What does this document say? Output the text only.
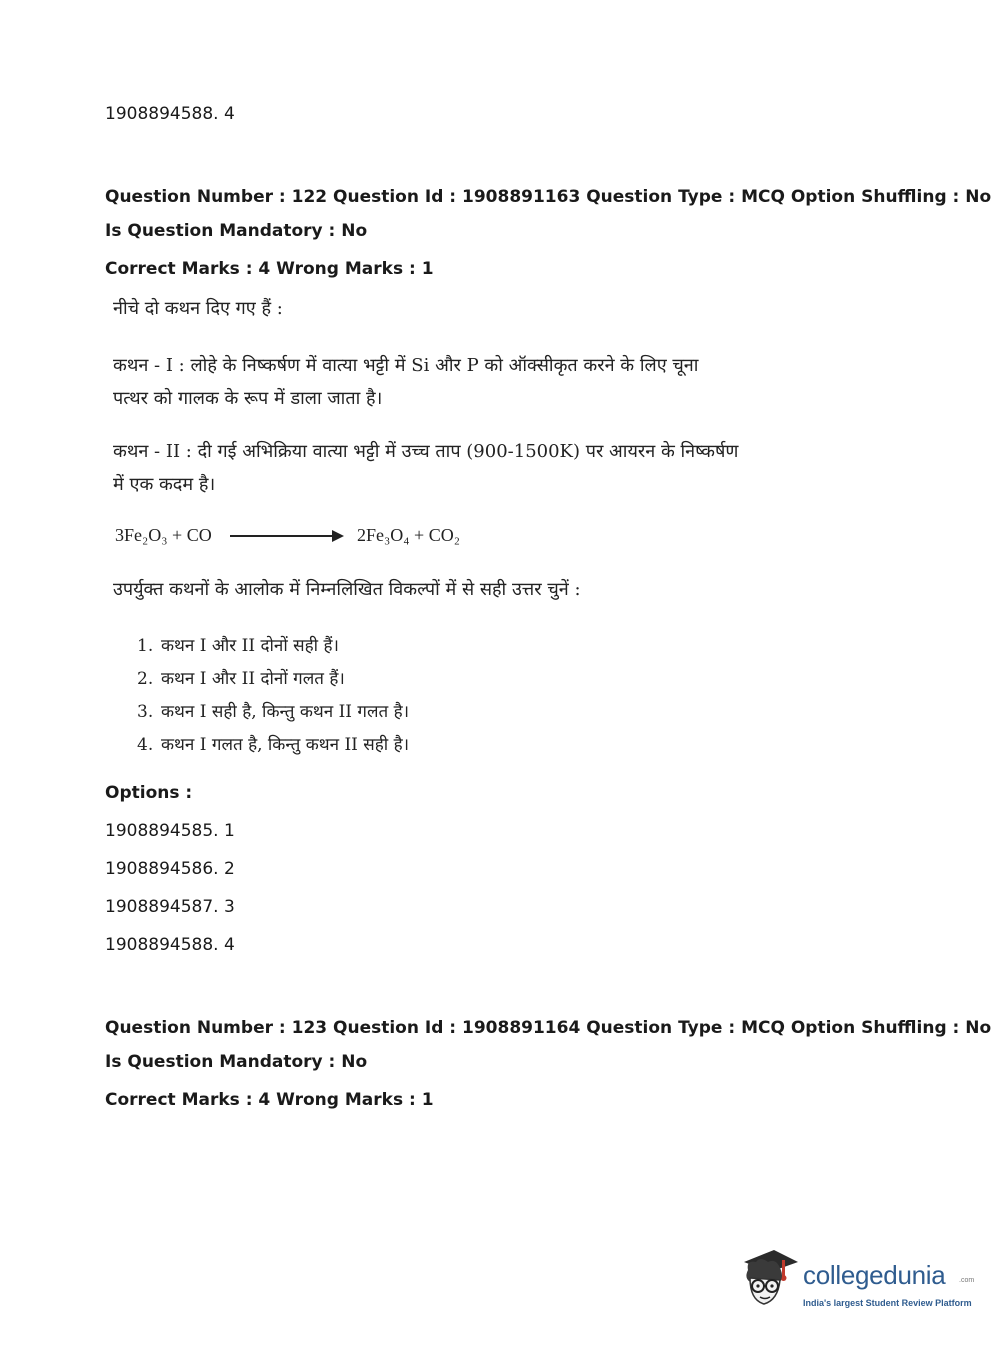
1908894588. 4
Question Number : 122 Question Id : 1908891163 Question Type : MCQ Option Shuffling : No
Is Question Mandatory : No
Correct Marks : 4 Wrong Marks : 1
नीचे दो कथन दिए गए हैं :
कथन - I : लोहे के निष्कर्षण में वात्या भट्टी में Si और P को ऑक्सीकृत करने के लिए चूना
पत्थर को गालक के रूप में डाला जाता है।
कथन - II : दी गई अभिक्रिया वात्या भट्टी में उच्च ताप (900-1500K) पर आयरन के निष्कर्षण
में एक कदम है।
3Fe₂O₃ + CO	2Fe₃O₄ + CO₂
उपर्युक्त कथनों के आलोक में निम्नलिखित विकल्पों में से सही उत्तर चुनें :
1. कथन I और II दोनों सही हैं।
2. कथन I और II दोनों गलत हैं।
3. कथन I सही है, किन्तु कथन II गलत है।
4. कथन I गलत है, किन्तु कथन II सही है।
Options :
1908894585. 1
1908894586. 2
1908894587. 3
1908894588. 4
Question Number : 123 Question Id : 1908891164 Question Type : MCQ Option Shuffling : No
Is Question Mandatory : No
Correct Marks : 4 Wrong Marks : 1
collegedunia .com
India's largest Student Review Platform
